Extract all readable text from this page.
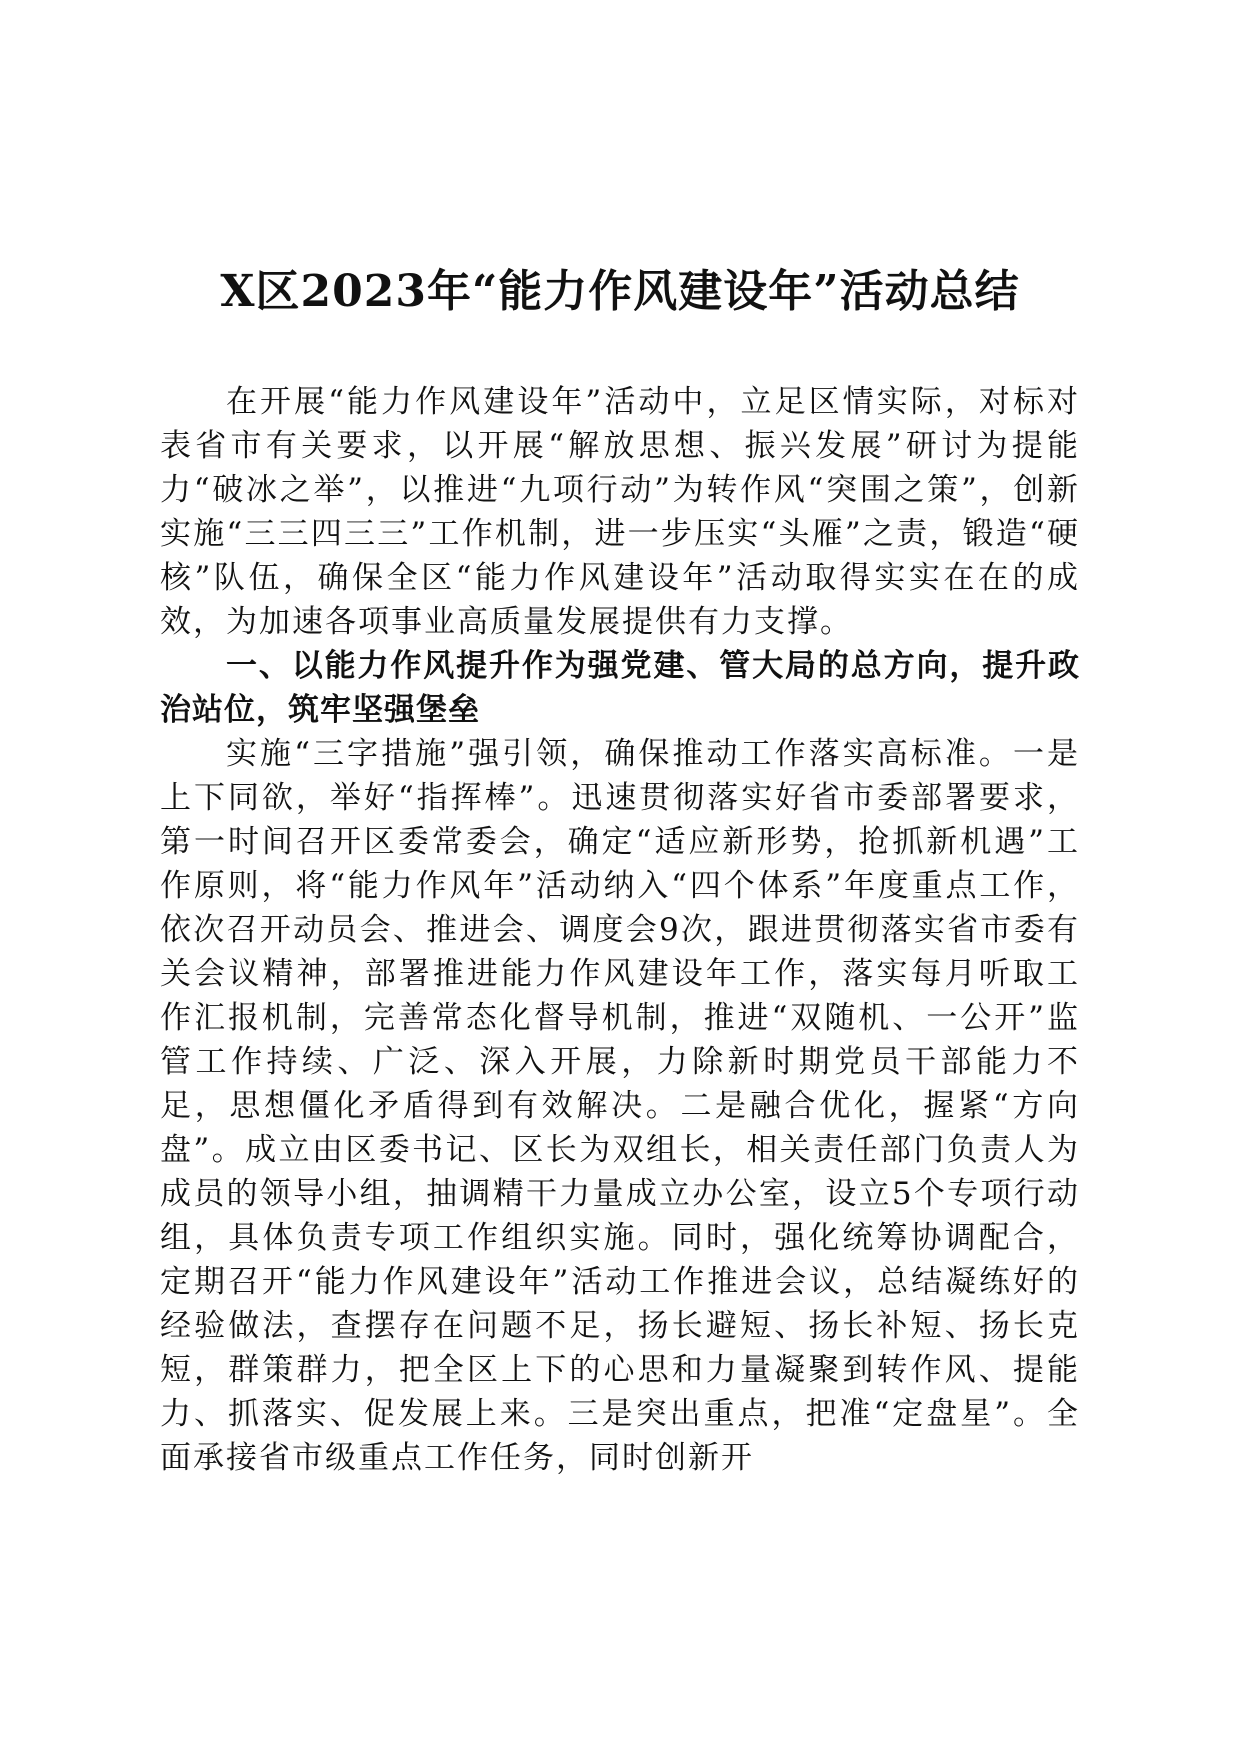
X区2023年“能力作风建设年”活动总结

在开展“能力作风建设年”活动中，立足区情实际，对标对表省市有关要求，以开展“解放思想、振兴发展”研讨为提能力“破冰之举”，以推进“九项行动”为转作风“突围之策”，创新实施“三三四三三”工作机制，进一步压实“头雁”之责，锻造“硬核”队伍，确保全区“能力作风建设年”活动取得实实在在的成效，为加速各项事业高质量发展提供有力支撑。

一、以能力作风提升作为强党建、管大局的总方向，提升政治站位，筑牢坚强堡垒

实施“三字措施”强引领，确保推动工作落实高标准。一是上下同欲，举好“指挥棒”。迅速贯彻落实好省市委部署要求，第一时间召开区委常委会，确定“适应新形势，抢抓新机遇”工作原则，将“能力作风年”活动纳入“四个体系”年度重点工作，依次召开动员会、推进会、调度会9次，跟进贯彻落实省市委有关会议精神，部署推进能力作风建设年工作，落实每月听取工作汇报机制，完善常态化督导机制，推进“双随机、一公开”监管工作持续、广泛、深入开展，力除新时期党员干部能力不足，思想僵化矛盾得到有效解决。二是融合优化，握紧“方向盘”。成立由区委书记、区长为双组长，相关责任部门负责人为成员的领导小组，抽调精干力量成立办公室，设立5个专项行动组，具体负责专项工作组织实施。同时，强化统筹协调配合，定期召开“能力作风建设年”活动工作推进会议，总结凝练好的经验做法，查摆存在问题不足，扬长避短、扬长补短、扬长克短，群策群力，把全区上下的心思和力量凝聚到转作风、提能力、抓落实、促发展上来。三是突出重点，把准“定盘星”。全面承接省市级重点工作任务，同时创新开
